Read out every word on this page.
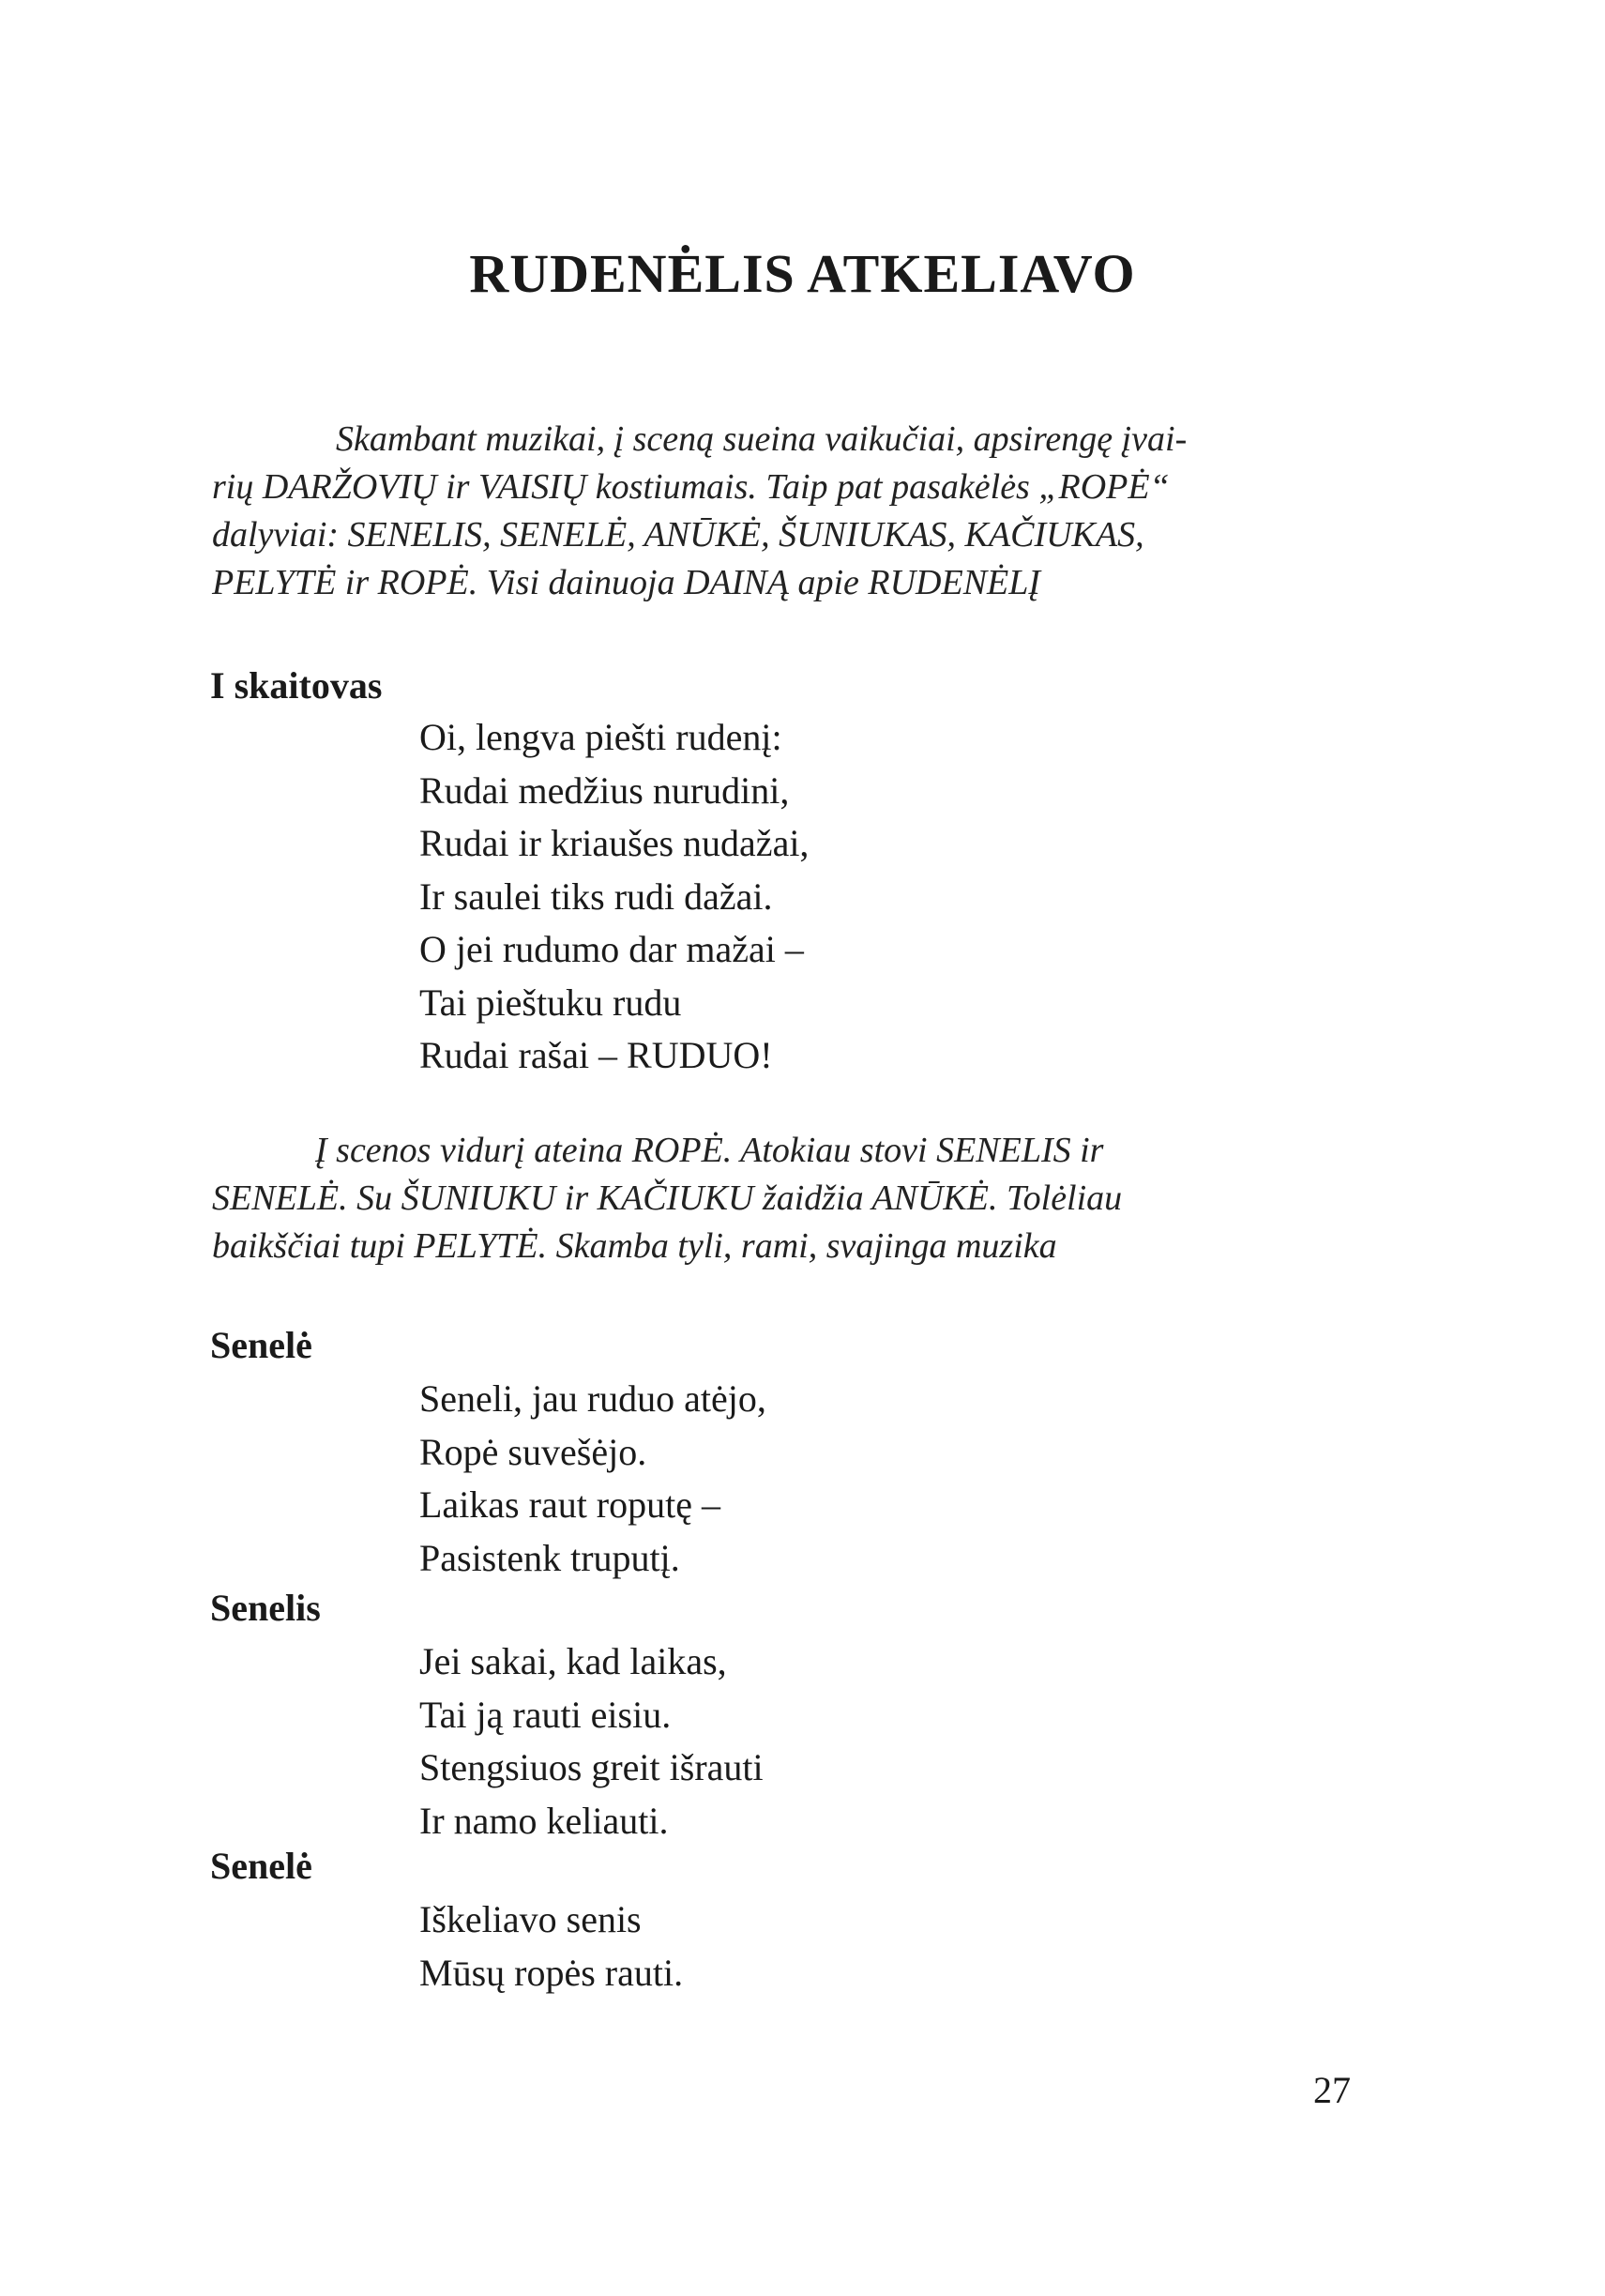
RUDENĖLIS ATKELIAVO

Skambant muzikai, į sceną sueina vaikučiai, apsirengę įvai-
rių DARŽOVIŲ ir VAISIŲ kostiumais. Taip pat pasakėlės „ROPĖ“
dalyviai: SENELIS, SENELĖ, ANŪKĖ, ŠUNIUKAS, KAČIUKAS,
PELYTĖ ir ROPĖ. Visi dainuoja DAINĄ apie RUDENĖLĮ

I skaitovas

Oi, lengva piešti rudenį:
Rudai medžius nurudini,
Rudai ir kriaušes nudažai,
Ir saulei tiks rudi dažai.
O jei rudumo dar mažai –
Tai pieštuku rudu
Rudai rašai – RUDUO!

Į scenos vidurį ateina ROPĖ. Atokiau stovi SENELIS ir
SENELĖ. Su ŠUNIUKU ir KAČIUKU žaidžia ANŪKĖ. Tolėliau
baikščiai tupi PELYTĖ. Skamba tyli, rami, svajinga muzika

Senelė

Seneli, jau ruduo atėjo,
Ropė suvešėjo.
Laikas raut roputę –
Pasistenk truputį.

Senelis

Jei sakai, kad laikas,
Tai ją rauti eisiu.
Stengsiuos greit išrauti
Ir namo keliauti.

Senelė

Iškeliavo senis
Mūsų ropės rauti.

27
